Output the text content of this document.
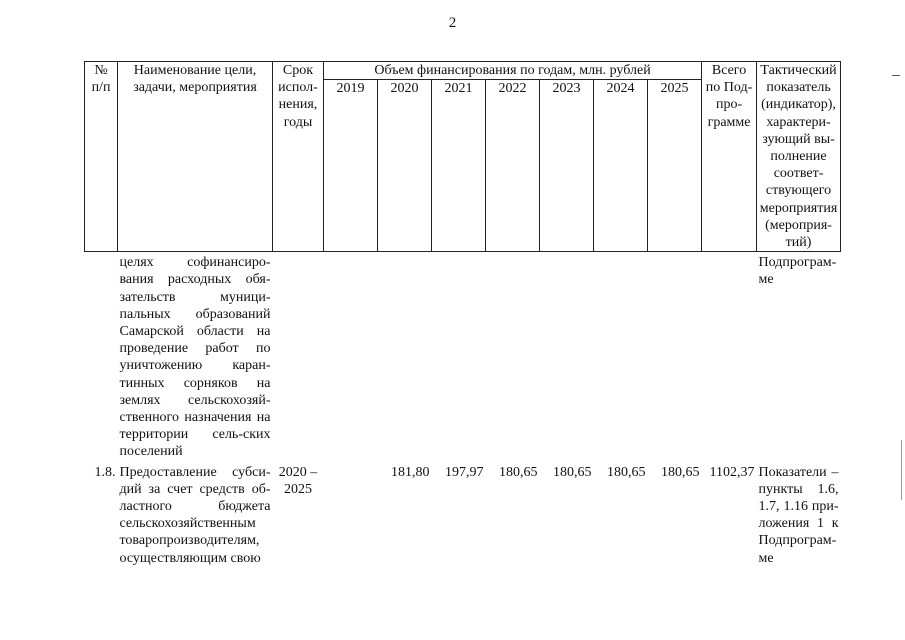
2
№ п/п	Наименование цели, задачи, мероприятия	Срок испол-нения, годы	Объем финансирования по годам, млн. рублей							Всего по Под-про-грамме	Тактический показатель (индикатор), характери-зующий вы-полнение соответ-ствующего мероприятия (мероприя-тий)
			2019	2020	2021	2022	2023	2024	2025		
	целях софинансиро-вания расходных обя-зательств муници-пальных образований Самарской области на проведение работ по уничтожению каран-тинных сорняков на землях сельскохозяй-ственного назначения на территории сель-ских поселений										Подпрограм-ме
1.8.	Предоставление субси-дий за счет средств об-ластного бюджета сельскохозяйственным товаропроизводителям, осуществляющим свою	2020 – 2025		181,80	197,97	180,65	180,65	180,65	180,65	1102,37	Показатели – пункты 1.6, 1.7, 1.16 при-ложения 1 к Подпрограм-ме
